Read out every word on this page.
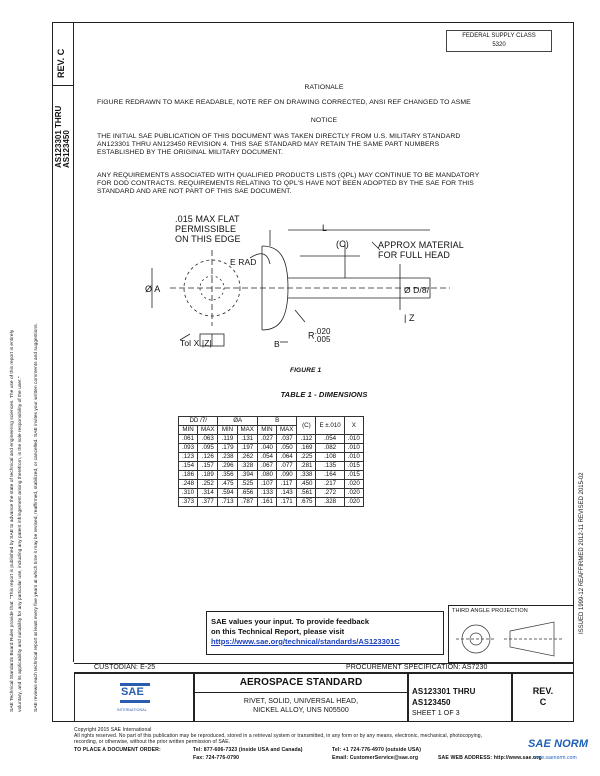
REV. C
AS123301 THRU AS123450
SAE Technical Standards Board Rules provide that: "This report is published by SAE to advance the state of technical and engineering sciences. The use of this report is entirely voluntary, and its applicability and suitability for any particular use, including any patent infringement arising therefrom, is the sole responsibility of the user." SAE reviews each technical report at least every five years at which time it may be revised, reaffirmed, stabilized, or cancelled. SAE invites your written comments and suggestions.	ISSUED 1999-12 REAFFIRMED 2012-11 REVISED 2015-02
FEDERAL SUPPLY CLASS
5320
RATIONALE
FIGURE REDRAWN TO MAKE READABLE, NOTE REF ON DRAWING CORRECTED, ANSI REF CHANGED TO ASME
NOTICE
THE INITIAL SAE PUBLICATION OF THIS DOCUMENT WAS TAKEN DIRECTLY FROM U.S. MILITARY STANDARD
AN123301 THRU AN123450 REVISION 4. THIS SAE STANDARD MAY RETAIN THE SAME PART NUMBERS
ESTABLISHED BY THE ORIGINAL MILITARY DOCUMENT.
ANY REQUIREMENTS ASSOCIATED WITH QUALIFIED PRODUCTS LISTS (QPL) MAY CONTINUE TO BE MANDATORY
FOR DOD CONTRACTS. REQUIREMENTS RELATING TO QPL'S HAVE NOT BEEN ADOPTED BY THE SAE FOR THIS
STANDARD AND ARE NOT PART OF THIS SAE DOCUMENT.
.015 MAX FLAT
PERMISSIBLE
ON THIS EDGE
L
(C)	APPROX MATERIAL
FOR FULL HEAD
E RAD
Ø A	Ø D/8/
| Z
R .020
.005
B
Tol X |Z|
FIGURE 1
TABLE 1 - DIMENSIONS
DD /7/		ØA		B		(C)	E ±.010	X
MIN	MAX	MIN	MAX	MIN	MAX			
.061	.063	.119	.131	.027	.037	.112	.054	.010
.093	.095	.179	.197	.040	.050	.169	.082	.010
.123	.126	.238	.262	.054	.064	.225	.108	.010
.154	.157	.296	.328	.067	.077	.281	.135	.015
.186	.189	.356	.394	.080	.090	.338	.164	.015
.248	.252	.475	.525	.107	.117	.450	.217	.020
.310	.314	.594	.656	.133	.143	.561	.272	.020
.373	.377	.713	.787	.161	.171	.675	.328	.020
SAE values your input. To provide feedback
on this Technical Report, please visit
https://www.sae.org/technical/standards/AS123301C
THIRD ANGLE PROJECTION
CUSTODIAN: E-25	PROCUREMENT SPECIFICATION: AS7230
SAE
INTERNATIONAL
AEROSPACE STANDARD
RIVET, SOLID, UNIVERSAL HEAD,
NICKEL ALLOY, UNS N05500
AS123301 THRU
AS123450
SHEET 1 OF 3
REV.
C
Copyright 2015 SAE International
All rights reserved. No part of this publication may be reproduced, stored in a retrieval system or transmitted, in any form or by any means, electronic, mechanical, photocopying,
recording, or otherwise, without the prior written permission of SAE.
TO PLACE A DOCUMENT ORDER:	Tel: 877-606-7323 (inside USA and Canada)
Fax: 724-776-0790
Tel: +1 724-776-4970 (outside USA)
Email: CustomerService@sae.org	SAE WEB ADDRESS: http://www.sae.org
SAE NORM
www.saenorm.com
